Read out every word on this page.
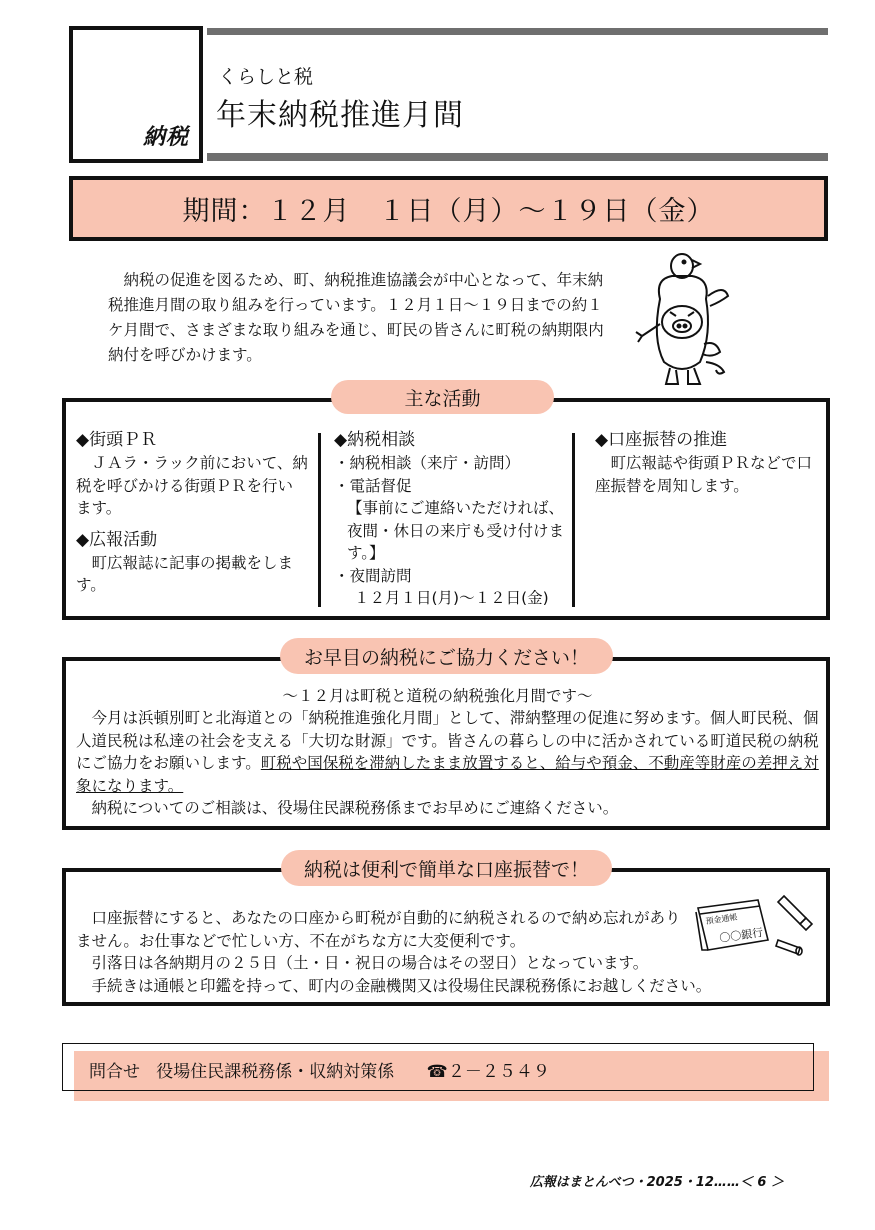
納税
くらしと税
年末納税推進月間
期間：１２月　１日（月）～１９日（金）
　納税の促進を図るため、町、納税推進協議会が中心となって、年末納税推進月間の取り組みを行っています。１２月１日～１９日までの約１ケ月間で、さまざまな取り組みを通じ、町民の皆さんに町税の納期限内納付を呼びかけます。
主な活動
◆街頭ＰＲ
　ＪＡラ・ラック前において、納税を呼びかける街頭ＰＲを行います。
◆広報活動
　町広報誌に記事の掲載をします。
◆納税相談
・納税相談（来庁・訪問）
・電話督促
【事前にご連絡いただければ、夜間・休日の来庁も受け付けます。】
・夜間訪問
１２月１日(月)～１２日(金)
◆口座振替の推進
　町広報誌や街頭ＰＲなどで口座振替を周知します。
お早目の納税にご協力ください！
～１２月は町税と道税の納税強化月間です～
　今月は浜頓別町と北海道との「納税推進強化月間」として、滞納整理の促進に努めます。個人町民税、個人道民税は私達の社会を支える「大切な財源」です。皆さんの暮らしの中に活かされている町道民税の納税にご協力をお願いします。町税や国保税を滞納したまま放置すると、給与や預金、不動産等財産の差押え対象になります。
　納税についてのご相談は、役場住民課税務係までお早めにご連絡ください。
納税は便利で簡単な口座振替で！
　口座振替にすると、あなたの口座から町税が自動的に納税されるので納め忘れがありません。お仕事などで忙しい方、不在がちな方に大変便利です。
　引落日は各納期月の２５日（土・日・祝日の場合はその翌日）となっています。
　手続きは通帳と印鑑を持って、町内の金融機関又は役場住民課税務係にお越しください。
預金通帳
〇〇銀行
問合せ 役場住民課税務係・収納対策係 ☎２－２５４９
広報はまとんべつ・2025・12……＜ 6 ＞
